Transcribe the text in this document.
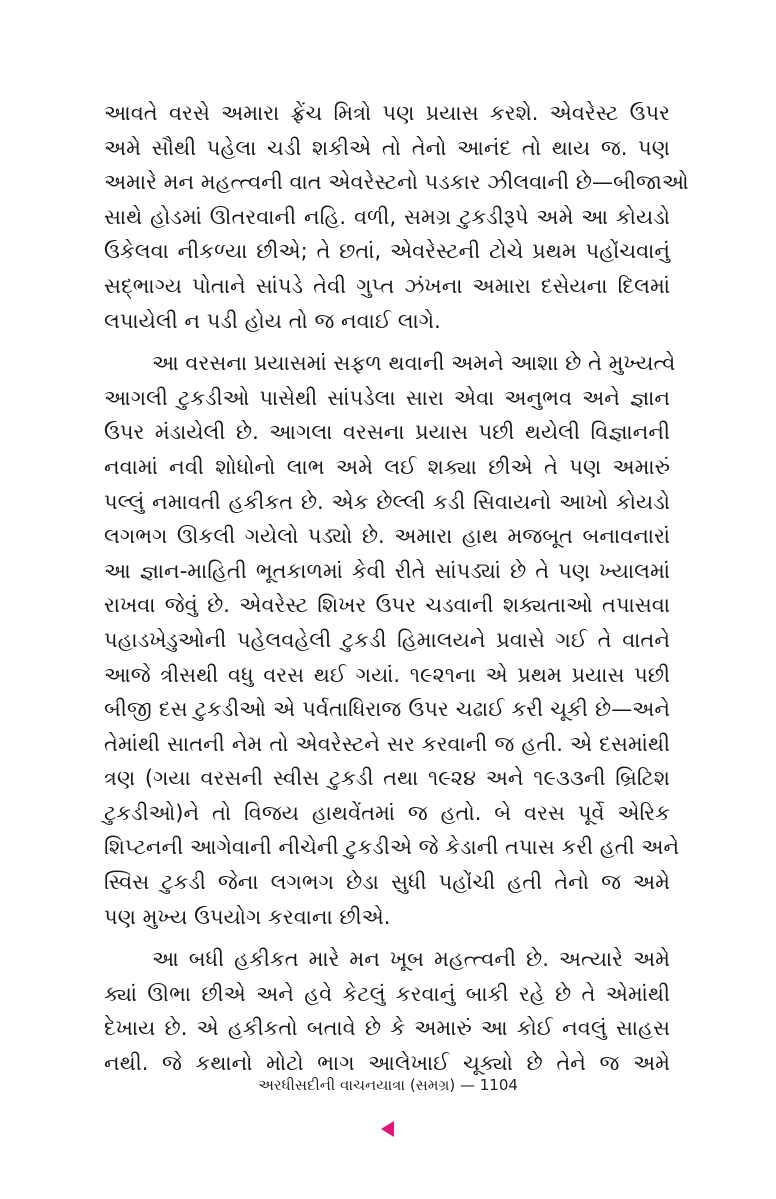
આવતે વરસે અમારા ફ્રેંચ મિત્રો પણ પ્રયાસ કરશે. એવરેસ્ટ ઉપર
અમે સૌથી પહેલા ચડી શકીએ તો તેનો આનંદ તો થાય જ. પણ
અમારે મન મહત્ત્વની વાત એવરેસ્ટનો પડકાર ઝીલવાની છે—બીજાઓ
સાથે હોડમાં ઊતરવાની નહિ. વળી, સમગ્ર ટુકડીરૂપે અમે આ કોયડો
ઉકેલવા નીકળ્યા છીએ; તે છતાં, એવરેસ્ટની ટોચે પ્રથમ પહોંચવાનું
સદ્ભાગ્ય પોતાને સાંપડે તેવી ગુપ્ત ઝંખના અમારા દસેયના દિલમાં
લપાયેલી ન પડી હોય તો જ નવાઈ લાગે.
આ વરસના પ્રયાસમાં સફળ થવાની અમને આશા છે તે મુખ્યત્વે
આગલી ટુકડીઓ પાસેથી સાંપડેલા સારા એવા અનુભવ અને જ્ઞાન
ઉપર મંડાયેલી છે. આગલા વરસના પ્રયાસ પછી થયેલી વિજ્ઞાનની
નવામાં નવી શોધોનો લાભ અમે લઈ શક્યા છીએ તે પણ અમારું
પલ્લું નમાવતી હકીકત છે. એક છેલ્લી કડી સિવાયનો આખો કોયડો
લગભગ ઊકલી ગયેલો પડ્યો છે. અમારા હાથ મજબૂત બનાવનારાં
આ જ્ઞાન-માહિતી ભૂતકાળમાં કેવી રીતે સાંપડ્યાં છે તે પણ ખ્યાલમાં
રાખવા જેવું છે. એવરેસ્ટ શિખર ઉપર ચડવાની શક્યતાઓ તપાસવા
પહાડખેડુઓની પહેલવહેલી ટુકડી હિમાલયને પ્રવાસે ગઈ તે વાતને
આજે ત્રીસથી વધુ વરસ થઈ ગયાં. ૧૯૨૧ના એ પ્રથમ પ્રયાસ પછી
બીજી દસ ટુકડીઓ એ પર્વતાધિરાજ ઉપર ચઢાઈ કરી ચૂકી છે—અને
તેમાંથી સાતની નેમ તો એવરેસ્ટને સર કરવાની જ હતી. એ દસમાંથી
ત્રણ (ગયા વરસની સ્વીસ ટુકડી તથા ૧૯૨૪ અને ૧૯૩૩ની બ્રિટિશ
ટુકડીઓ)ને તો વિજય હાથવેંતમાં જ હતો. બે વરસ પૂર્વે એરિક
શિપ્ટનની આગેવાની નીચેની ટુકડીએ જે કેડાની તપાસ કરી હતી અને
સ્વિસ ટુકડી જેના લગભગ છેડા સુધી પહોંચી હતી તેનો જ અમે
પણ મુખ્ય ઉપયોગ કરવાના છીએ.
આ બધી હકીકત મારે મન ખૂબ મહત્ત્વની છે. અત્યારે અમે
ક્યાં ઊભા છીએ અને હવે કેટલું કરવાનું બાકી રહે છે તે એમાંથી
દેખાય છે. એ હકીકતો બતાવે છે કે અમારું આ કોઈ નવલું સાહસ
નથી. જે કથાનો મોટો ભાગ આલેખાઈ ચૂક્યો છે તેને જ અમે
અરધીસદીની વાચનયાત્રા (સમગ્ર) — 1104
